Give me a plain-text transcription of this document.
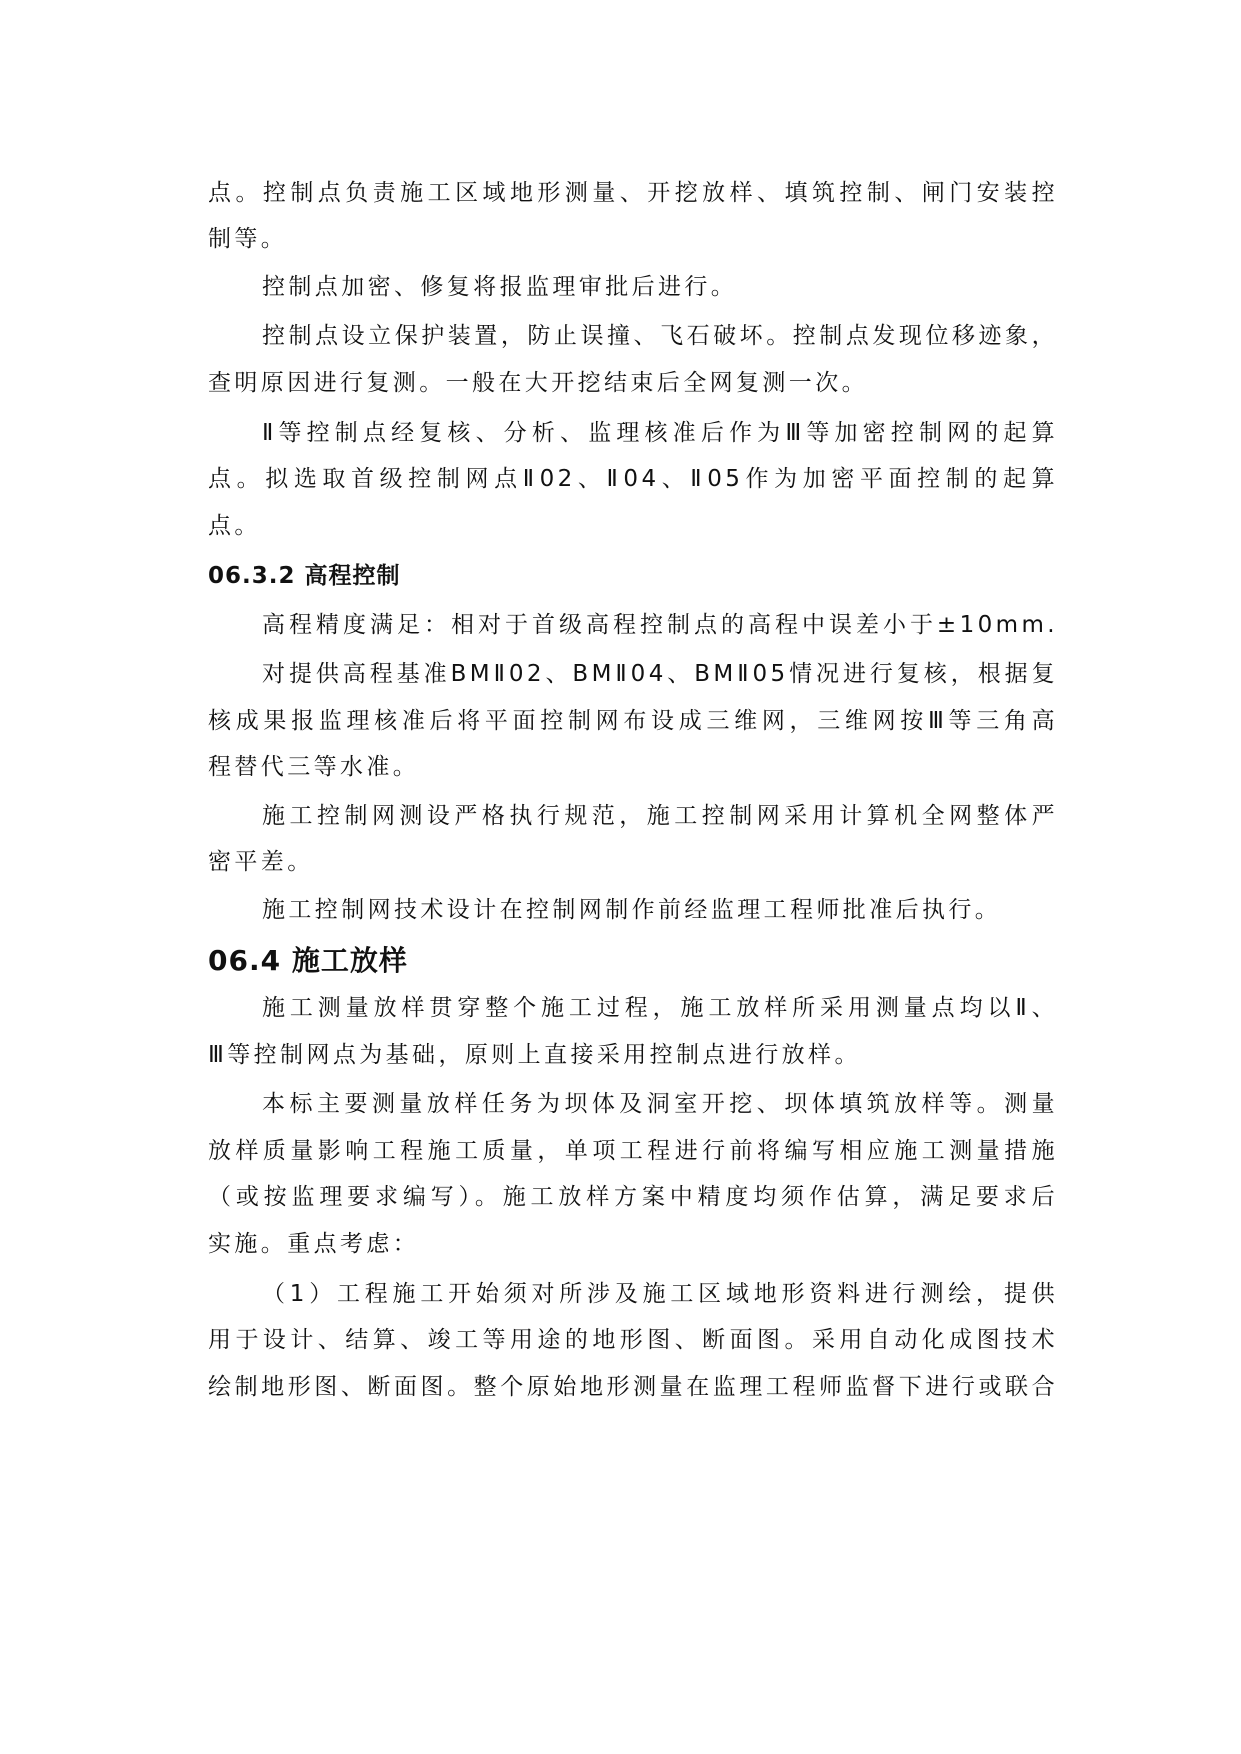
点。控制点负责施工区域地形测量、开挖放样、填筑控制、闸门安装控
制等。
控制点加密、修复将报监理审批后进行。
控制点设立保护装置，防止误撞、飞石破坏。控制点发现位移迹象，
查明原因进行复测。一般在大开挖结束后全网复测一次。
Ⅱ等控制点经复核、分析、监理核准后作为Ⅲ等加密控制网的起算
点。拟选取首级控制网点Ⅱ02、Ⅱ04、Ⅱ05作为加密平面控制的起算
点。
06.3.2 高程控制
高程精度满足：相对于首级高程控制点的高程中误差小于±10mm.
对提供高程基准BMⅡ02、BMⅡ04、BMⅡ05情况进行复核，根据复
核成果报监理核准后将平面控制网布设成三维网，三维网按Ⅲ等三角高
程替代三等水准。
施工控制网测设严格执行规范，施工控制网采用计算机全网整体严
密平差。
施工控制网技术设计在控制网制作前经监理工程师批准后执行。
06.4 施工放样
施工测量放样贯穿整个施工过程，施工放样所采用测量点均以Ⅱ、
Ⅲ等控制网点为基础，原则上直接采用控制点进行放样。
本标主要测量放样任务为坝体及洞室开挖、坝体填筑放样等。测量
放样质量影响工程施工质量，单项工程进行前将编写相应施工测量措施
（或按监理要求编写）。施工放样方案中精度均须作估算，满足要求后
实施。重点考虑：
（1）工程施工开始须对所涉及施工区域地形资料进行测绘，提供
用于设计、结算、竣工等用途的地形图、断面图。采用自动化成图技术
绘制地形图、断面图。整个原始地形测量在监理工程师监督下进行或联合
